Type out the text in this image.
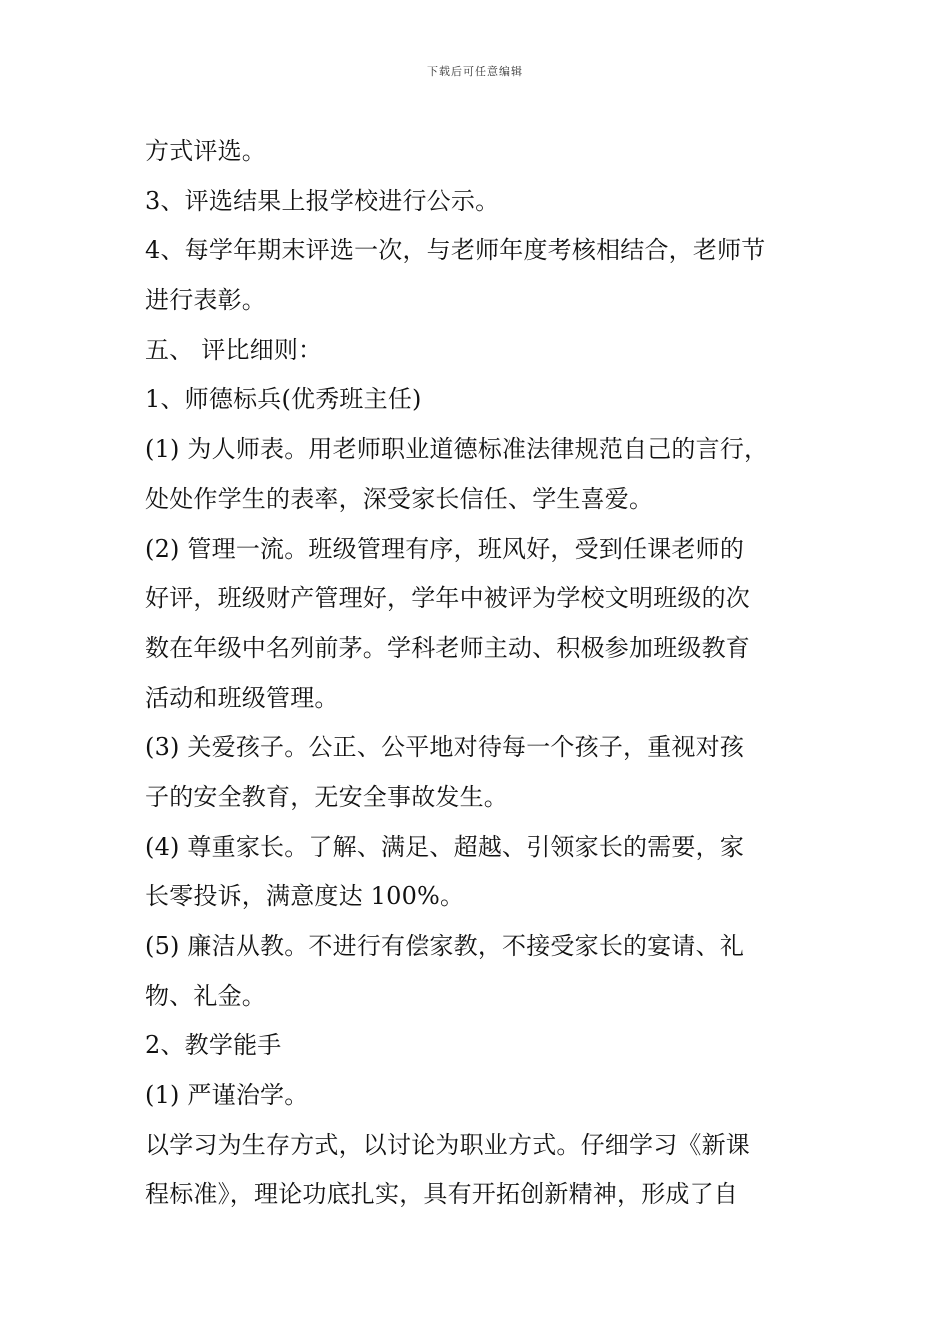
下载后可任意编辑
方式评选。
3、评选结果上报学校进行公示。
4、每学年期末评选一次，与老师年度考核相结合，老师节
进行表彰。
五、 评比细则：
1、师德标兵(优秀班主任)
(1) 为人师表。用老师职业道德标准法律规范自己的言行，
处处作学生的表率，深受家长信任、学生喜爱。
(2) 管理一流。班级管理有序，班风好，受到任课老师的
好评，班级财产管理好，学年中被评为学校文明班级的次
数在年级中名列前茅。学科老师主动、积极参加班级教育
活动和班级管理。
(3) 关爱孩子。公正、公平地对待每一个孩子，重视对孩
子的安全教育，无安全事故发生。
(4) 尊重家长。了解、满足、超越、引领家长的需要，家
长零投诉，满意度达 100%。
(5) 廉洁从教。不进行有偿家教，不接受家长的宴请、礼
物、礼金。
2、教学能手
(1) 严谨治学。
以学习为生存方式，以讨论为职业方式。仔细学习《新课
程标准》，理论功底扎实，具有开拓创新精神，形成了自
